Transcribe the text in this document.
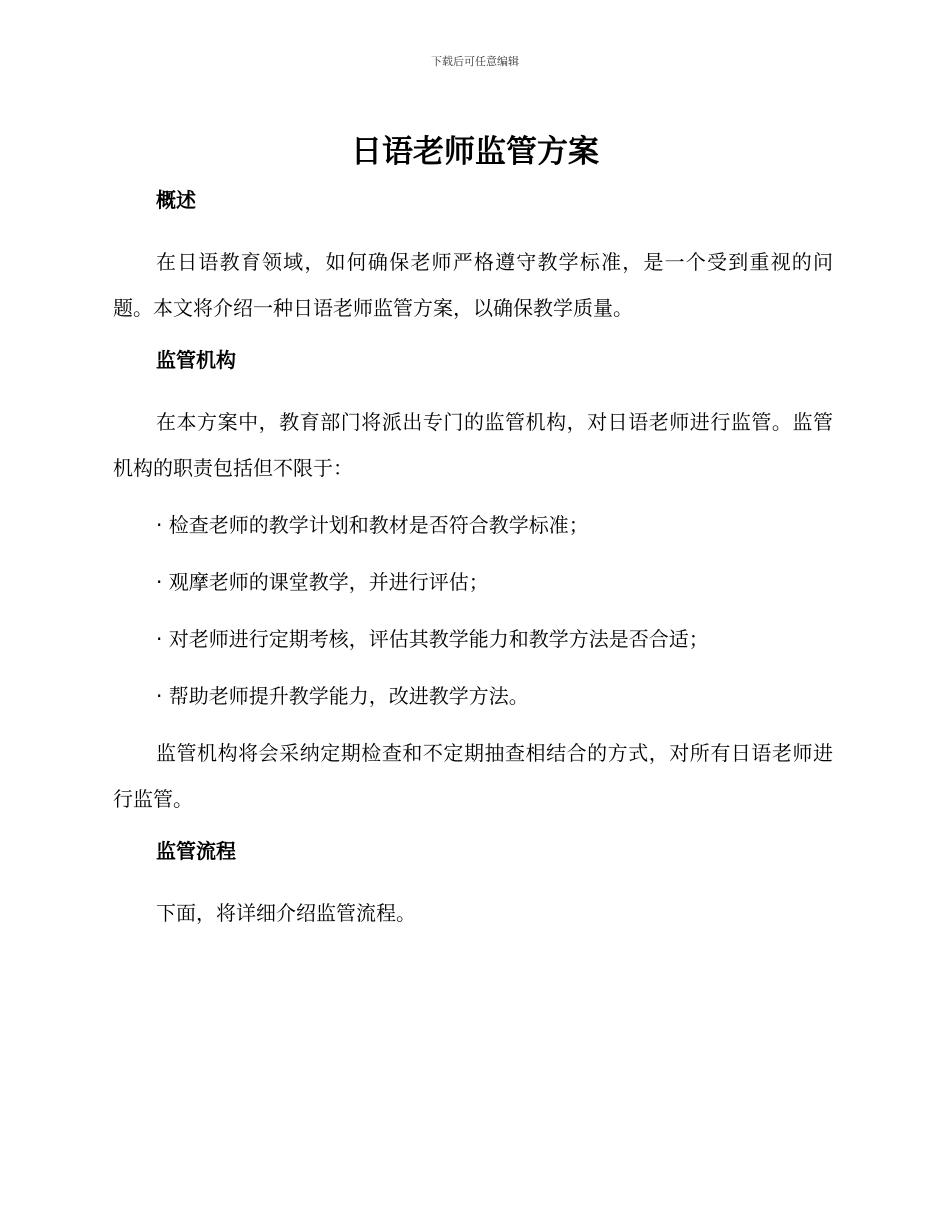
下载后可任意编辑
日语老师监管方案
概述

在日语教育领域，如何确保老师严格遵守教学标准，是一个受到重视的问题。本文将介绍一种日语老师监管方案，以确保教学质量。

监管机构

在本方案中，教育部门将派出专门的监管机构，对日语老师进行监管。监管机构的职责包括但不限于：

· 检查老师的教学计划和教材是否符合教学标准；
· 观摩老师的课堂教学，并进行评估；
· 对老师进行定期考核，评估其教学能力和教学方法是否合适；
· 帮助老师提升教学能力，改进教学方法。

监管机构将会采纳定期检查和不定期抽查相结合的方式，对所有日语老师进行监管。

监管流程

下面，将详细介绍监管流程。
